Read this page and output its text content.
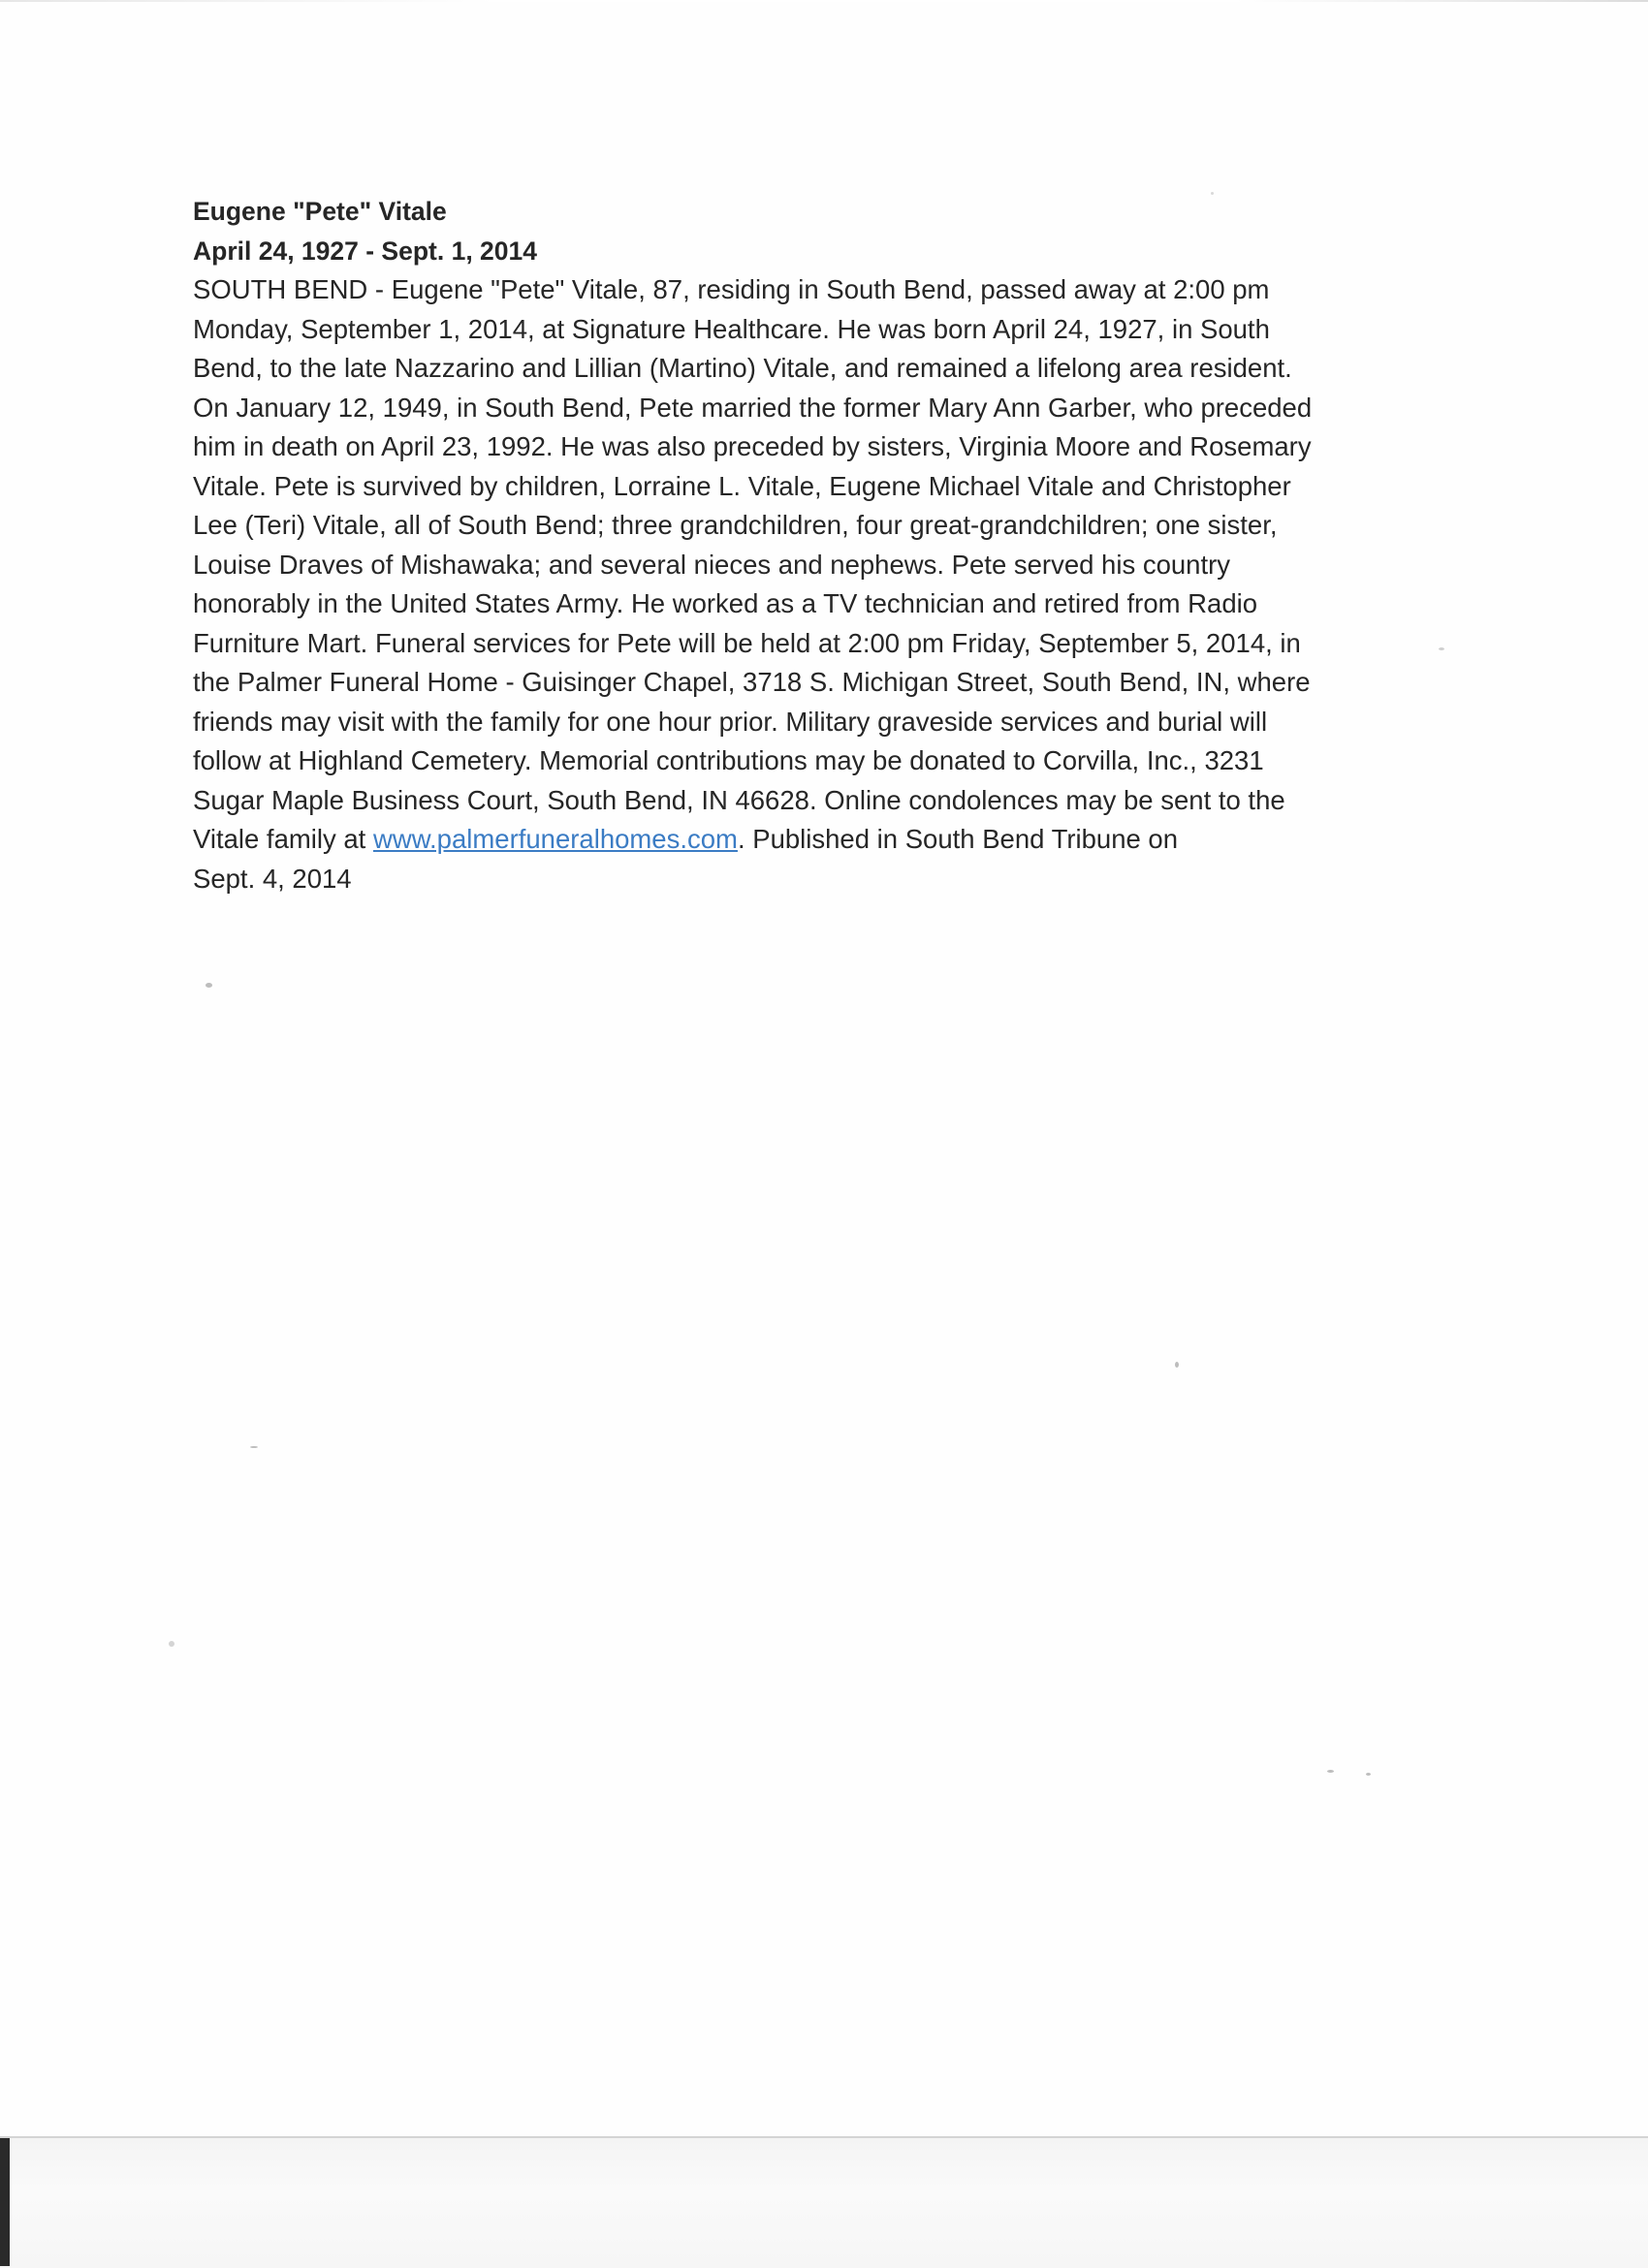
Eugene "Pete" Vitale
April 24, 1927 - Sept. 1, 2014
SOUTH BEND - Eugene "Pete" Vitale, 87, residing in South Bend, passed away at 2:00 pm
Monday, September 1, 2014, at Signature Healthcare. He was born April 24, 1927, in South
Bend, to the late Nazzarino and Lillian (Martino) Vitale, and remained a lifelong area resident.
On January 12, 1949, in South Bend, Pete married the former Mary Ann Garber, who preceded
him in death on April 23, 1992. He was also preceded by sisters, Virginia Moore and Rosemary
Vitale. Pete is survived by children, Lorraine L. Vitale, Eugene Michael Vitale and Christopher
Lee (Teri) Vitale, all of South Bend; three grandchildren, four great-grandchildren; one sister,
Louise Draves of Mishawaka; and several nieces and nephews. Pete served his country
honorably in the United States Army. He worked as a TV technician and retired from Radio
Furniture Mart. Funeral services for Pete will be held at 2:00 pm Friday, September 5, 2014, in
the Palmer Funeral Home - Guisinger Chapel, 3718 S. Michigan Street, South Bend, IN, where
friends may visit with the family for one hour prior. Military graveside services and burial will
follow at Highland Cemetery. Memorial contributions may be donated to Corvilla, Inc., 3231
Sugar Maple Business Court, South Bend, IN 46628. Online condolences may be sent to the
Vitale family at www.palmerfuneralhomes.com. Published in South Bend Tribune on
Sept. 4, 2014
